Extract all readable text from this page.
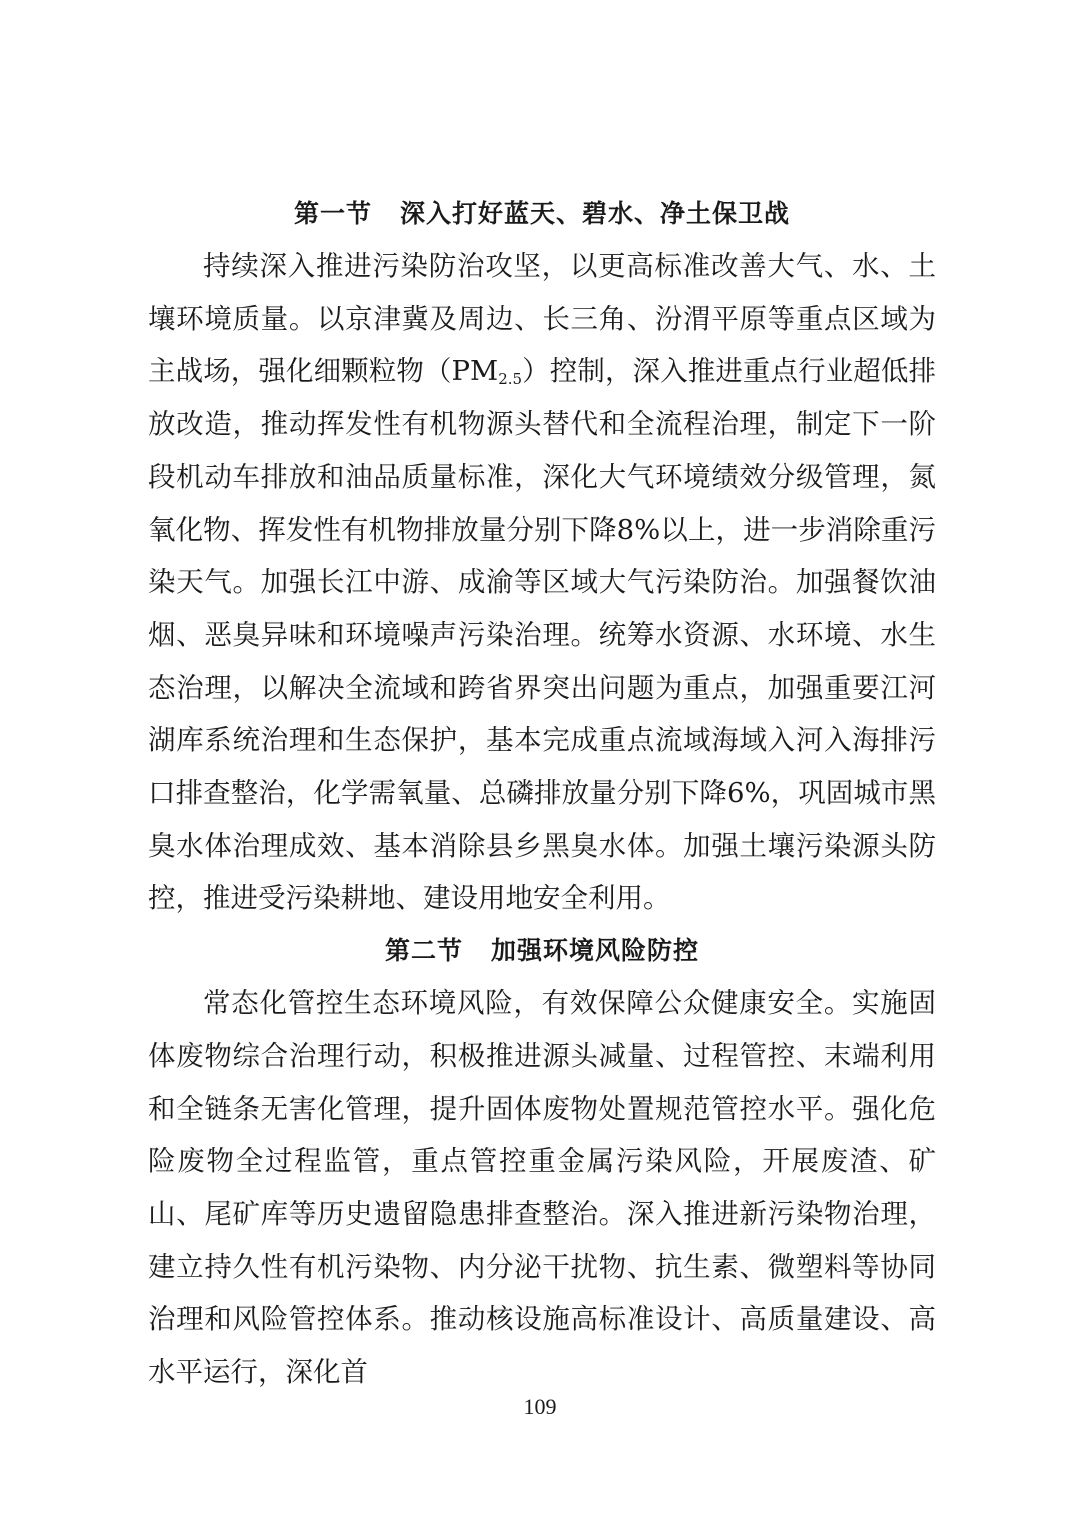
第一节 深入打好蓝天、碧水、净土保卫战

持续深入推进污染防治攻坚，以更高标准改善大气、水、土壤环境质量。以京津冀及周边、长三角、汾渭平原等重点区域为主战场，强化细颗粒物$(PM_{2.5})$控制，深入推进重点行业超低排放改造，推动挥发性有机物源头替代和全流程治理，制定下一阶段机动车排放和油品质量标准，深化大气环境绩效分级管理，氮氧化物、挥发性有机物排放量分别下降8%以上，进一步消除重污染天气。加强长江中游、成渝等区域大气污染防治。加强餐饮油烟、恶臭异味和环境噪声污染治理。统筹水资源、水环境、水生态治理，以解决全流域和跨省界突出问题为重点，加强重要江河湖库系统治理和生态保护，基本完成重点流域海域入河入海排污口排查整治，化学需氧量、总磷排放量分别下降6%，巩固城市黑臭水体治理成效、基本消除县乡黑臭水体。加强土壤污染源头防控，推进受污染耕地、建设用地安全利用。

第二节 加强环境风险防控

常态化管控生态环境风险，有效保障公众健康安全。实施固体废物综合治理行动，积极推进源头减量、过程管控、末端利用和全链条无害化管理，提升固体废物处置规范管控水平。强化危险废物全过程监管，重点管控重金属污染风险，开展废渣、矿山、尾矿库等历史遗留隐患排查整治。深入推进新污染物治理，建立持久性有机污染物、内分泌干扰物、抗生素、微塑料等协同治理和风险管控体系。推动核设施高标准设计、高质量建设、高水平运行，深化首

109
